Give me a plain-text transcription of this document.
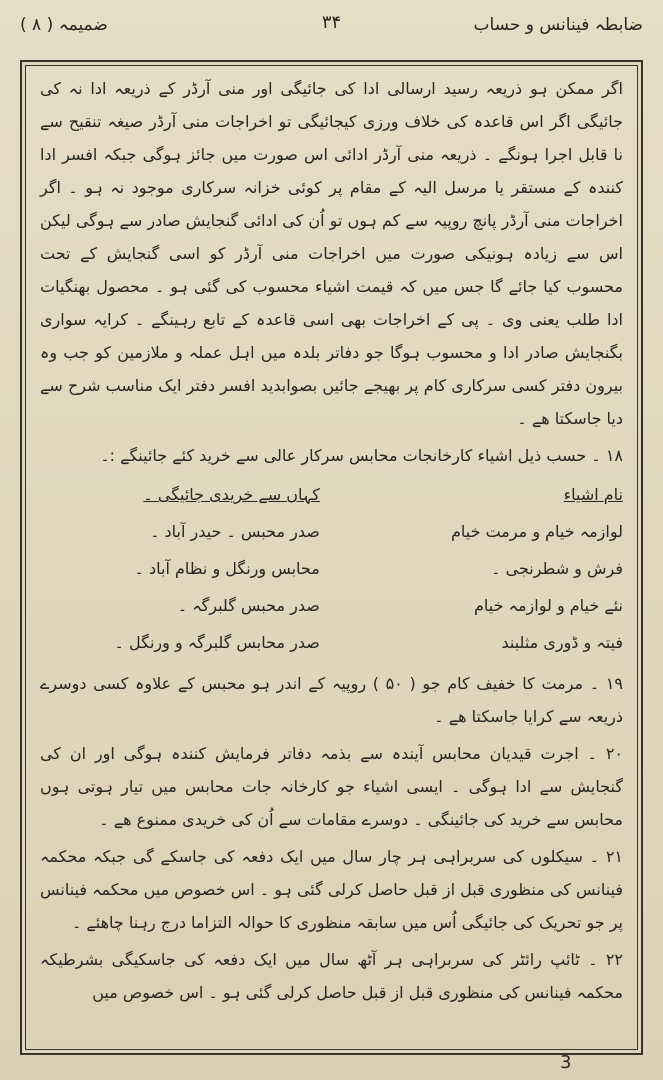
ضابطہ فینانس و حساب
۳۴
ضمیمہ ( ۸ )

اگر ممکن ہو ذریعہ رسید ارسالی ادا کی جائیگی اور منی آرڈر کے ذریعہ ادا نہ کی جائیگی اگر اس قاعدہ کی خلاف ورزی کیجائیگی تو اخراجات منی آرڈر صیغہ تنقیح سے نا قابل اجرا ہونگے ۔ ذریعہ منی آرڈر ادائی اس صورت میں جائز ہوگی جبکہ افسر ادا کنندہ کے مستقر یا مرسل الیہ کے مقام پر کوئی خزانہ سرکاری موجود نہ ہو ۔ اگر اخراجات منی آرڈر پانچ روپیہ سے کم ہوں تو اُن کی ادائی گنجایش صادر سے ہوگی لیکن اس سے زیادہ ہونیکی صورت میں اخراجات منی آرڈر کو اسی گنجایش کے تحت محسوب کیا جائے گا جس میں کہ قیمت اشیاء محسوب کی گئی ہو ۔ محصول بھنگیات ادا طلب یعنی وی ۔ پی کے اخراجات بھی اسی قاعدہ کے تابع رہینگے ۔ کرایہ سواری بگنجایش صادر ادا و محسوب ہوگا جو دفاتر بلدہ میں اہل عملہ و ملازمین کو جب وہ بیرون دفتر کسی سرکاری کام پر بھیجے جائیں بصوابدید افسر دفتر ایک مناسب شرح سے دیا جاسکتا ھے ۔

۱۸ ۔ حسب ذیل اشیاء کارخانجات محابس سرکار عالی سے خرید کئے جائینگے :۔

نام اشیاء
کہاں سے خریدی جائیگی ۔
لوازمہ خیام و مرمت خیام
صدر محبس ۔ حیدر آباد ۔
فرش و شطرنجی ۔
محابس ورنگل و نظام آباد ۔
نئے خیام و لوازمہ خیام
صدر محبس گلبرگہ ۔
فیتہ و ڈوری مثلبند
صدر محابس گلبرگہ و ورنگل ۔

۱۹ ۔ مرمت کا خفیف کام جو ( ۵۰ ) روپیہ کے اندر ہو محبس کے علاوہ کسی دوسرے ذریعہ سے کرایا جاسکتا ھے ۔

۲۰ ۔ اجرت قیدیان محابس آیندہ سے بذمہ دفاتر فرمایش کنندہ ہوگی اور ان کی گنجایش سے ادا ہوگی ۔ ایسی اشیاء جو کارخانہ جات محابس میں تیار ہوتی ہوں محابس سے خرید کی جائینگی ۔ دوسرے مقامات سے اُن کی خریدی ممنوع ھے ۔

۲۱ ۔ سیکلوں کی سربراہی ہر چار سال میں ایک دفعہ کی جاسکے گی جبکہ محکمہ فینانس کی منظوری قبل از قبل حاصل کرلی گئی ہو ۔ اس خصوص میں محکمہ فینانس پر جو تحریک کی جائیگی اُس میں سابقہ منظوری کا حوالہ التزاما درج رہنا چاھئے ۔

۲۲ ۔ ٹائپ رائٹر کی سربراہی ہر آٹھ سال میں ایک دفعہ کی جاسکیگی بشرطیکہ محکمہ فینانس کی منظوری قبل از قبل حاصل کرلی گئی ہو ۔ اس خصوص میں

3
